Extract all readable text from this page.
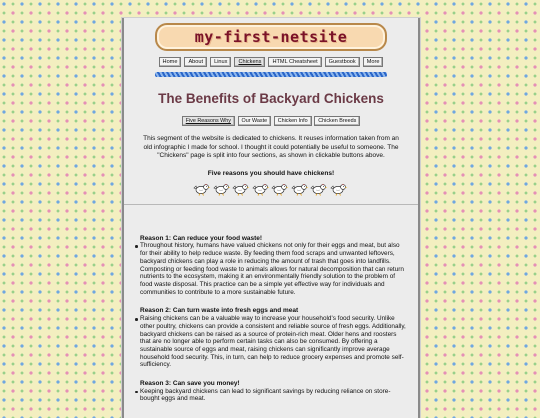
my-first-netsite
Home About Linux Chickens HTML Cheatsheet Guestbook More
The Benefits of Backyard Chickens
Five Reasons Why Our Waste Chicken Info Chicken Breeds

This segment of the website is dedicated to chickens. It reuses information taken from an old infographic I made for school. I thought it could potentially be useful to someone. The "Chickens" page is split into four sections, as shown in clickable buttons above.

Five reasons you should have chickens!
Reason 1: Can reduce your food waste!
Throughout history, humans have valued chickens not only for their eggs and meat, but also for their ability to help reduce waste. By feeding them food scraps and unwanted leftovers, backyard chickens can play a role in reducing the amount of trash that goes into landfills. Composting or feeding food waste to animals allows for natural decomposition that can return nutrients to the ecosystem, making it an environmentally friendly solution to the problem of food waste disposal. This practice can be a simple yet effective way for individuals and communities to contribute to a more sustainable future.
Reason 2: Can turn waste into fresh eggs and meat
Raising chickens can be a valuable way to increase your household's food security. Unlike other poultry, chickens can provide a consistent and reliable source of fresh eggs. Additionally, backyard chickens can be raised as a source of protein-rich meat. Older hens and roosters that are no longer able to perform certain tasks can also be consumed. By offering a sustainable source of eggs and meat, raising chickens can significantly improve average household food security. This, in turn, can help to reduce grocery expenses and promote self-sufficiency.
Reason 3: Can save you money!
Keeping backyard chickens can lead to significant savings by reducing reliance on store-bought eggs and meat.
